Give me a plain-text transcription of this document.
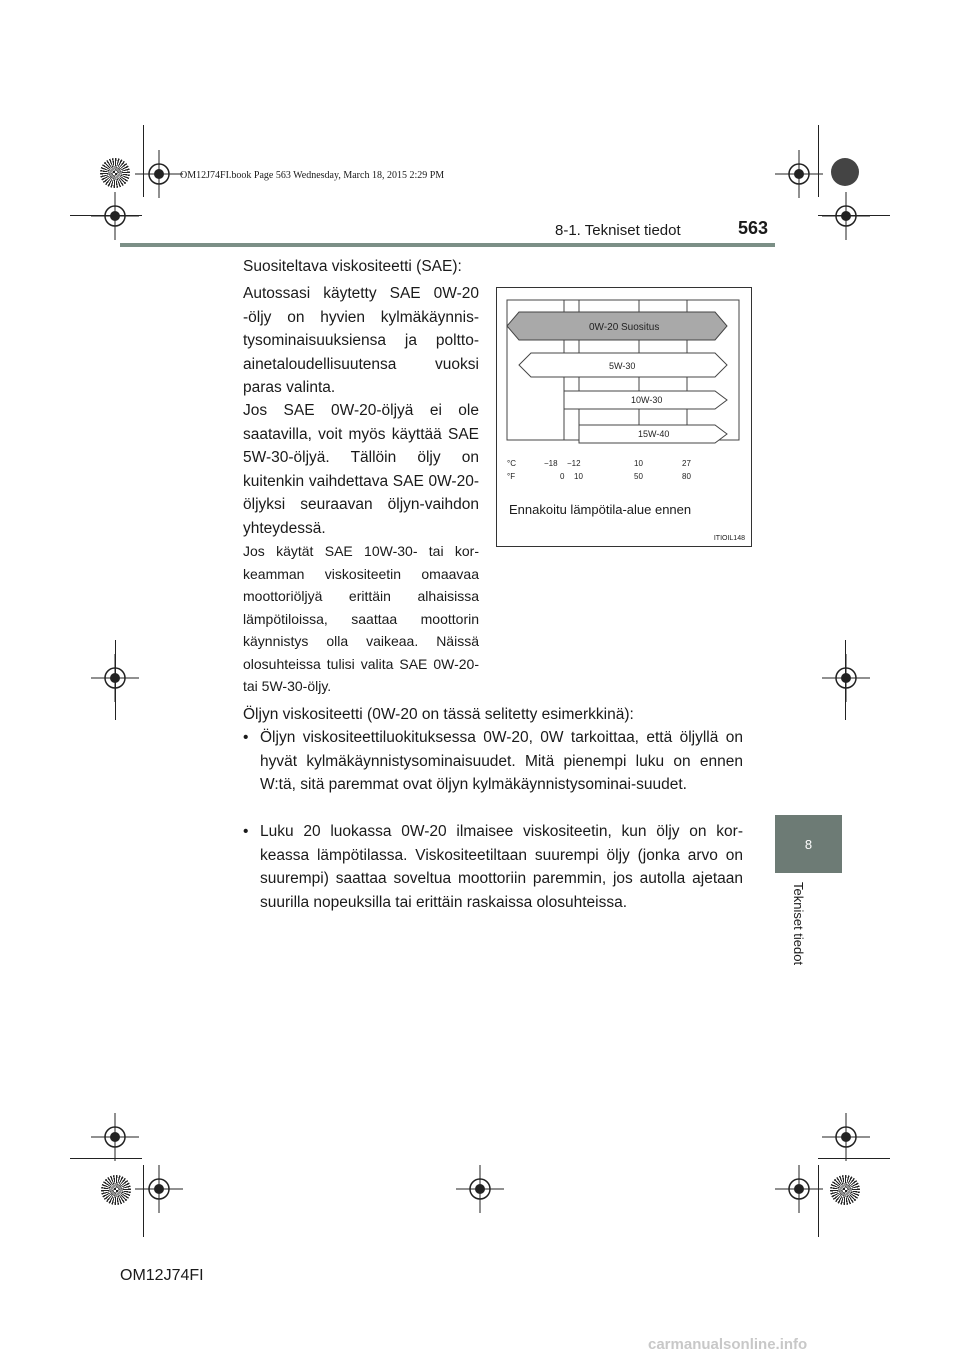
OM12J74FI.book Page 563 Wednesday, March 18, 2015 2:29 PM
8-1. Tekniset tiedot	563
8
Tekniset tiedot
Suositeltava viskositeetti (SAE):
Autossasi käytetty SAE 0W-20 -öljy on hyvien kylmäkäynnis-tysominaisuuksiensa ja poltto-ainetaloudellisuutensa vuoksi paras valinta.
Jos SAE 0W-20-öljyä ei ole saatavilla, voit myös käyttää SAE 5W-30-öljyä. Tällöin öljy on kuitenkin vaihdettava SAE 0W-20-öljyksi seuraavan öljyn-vaihdon yhteydessä.
Jos käytät SAE 10W-30- tai kor-keamman viskositeetin omaavaa moottoriöljyä erittäin alhaisissa lämpötiloissa, saattaa moottorin käynnistys olla vaikeaa. Näissä olosuhteissa tulisi valita SAE 0W-20- tai 5W-30-öljy.
0W-20 Suositus
5W-30
10W-30
15W-40
°C	−18 −12	10	27
°F	0 10	50	80
Ennakoitu lämpötila-alue ennen
ITIOIL148
Öljyn viskositeetti (0W-20 on tässä selitetty esimerkkinä):
• Öljyn viskositeettiluokituksessa 0W-20, 0W tarkoittaa, että öljyllä on hyvät kylmäkäynnistysominaisuudet. Mitä pienempi luku on ennen W:tä, sitä paremmat ovat öljyn kylmäkäynnistysominai-suudet.
• Luku 20 luokassa 0W-20 ilmaisee viskositeetin, kun öljy on kor-keassa lämpötilassa. Viskositeetiltaan suurempi öljy (jonka arvo on suurempi) saattaa soveltua moottoriin paremmin, jos autolla ajetaan suurilla nopeuksilla tai erittäin raskaissa olosuhteissa.
OM12J74FI
carmanualsonline.info
